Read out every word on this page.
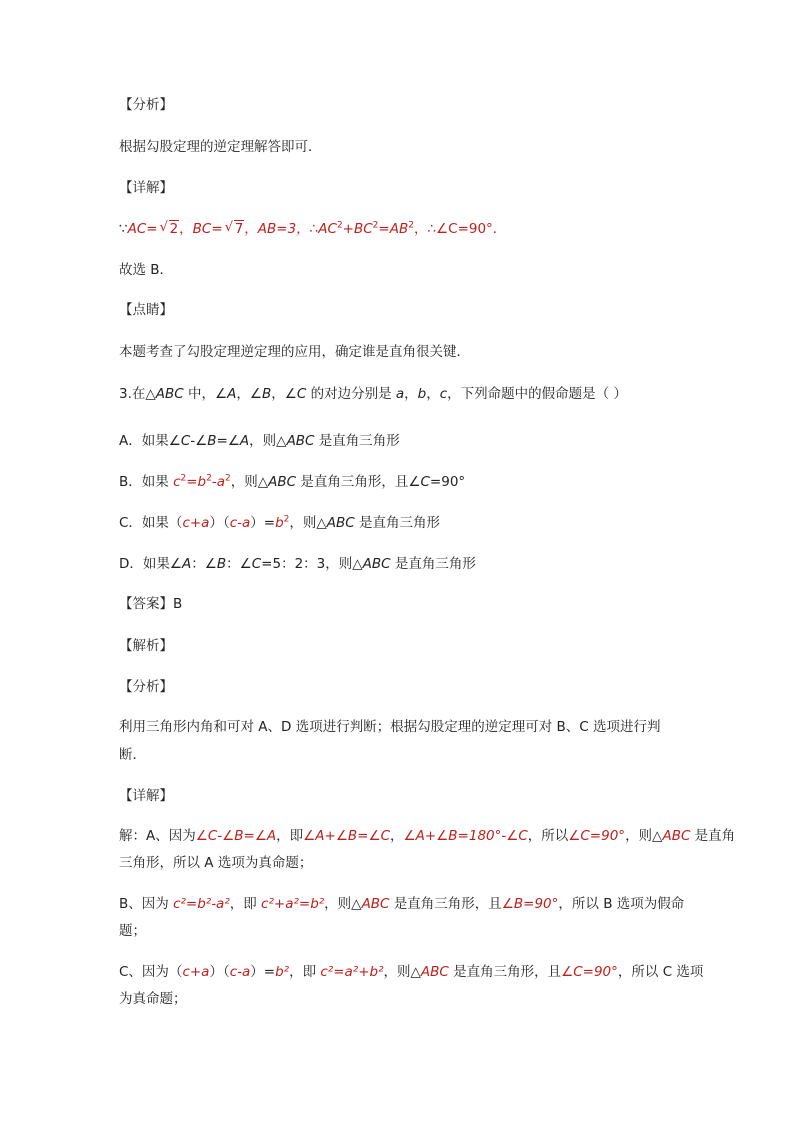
【分析】
根据勾股定理的逆定理解答即可．
【详解】
∵AC= √ 2，BC= √ 7，AB=3，$\therefore AC^2+BC^2=AB^2$，∴∠C=90°．
故选 B．
【点睛】
本题考查了勾股定理逆定理的应用，确定谁是直角很关键．
3.在△ABC 中，∠A，∠B，∠C 的对边分别是 a，b，c，下列命题中的假命题是（ ）
A．如果∠C-∠B=∠A，则△ABC 是直角三角形
B．如果 $c^2=b^2-a^2$，则△ABC 是直角三角形，且∠C=90°
C．如果$(c+a)(c-a)=b^2$，则△ABC 是直角三角形
D．如果∠A：∠B：∠C=5：2：3，则△ABC 是直角三角形
【答案】B
【解析】
【分析】
利用三角形内角和可对 A、D 选项进行判断；根据勾股定理的逆定理可对 B、C 选项进行判
断．
【详解】
解：A、因为∠C-∠B=∠A，即∠A+∠B=∠C，∠A+∠B=180°-∠C，所以∠C=90°，则△ABC 是直角
三角形，所以 A 选项为真命题；
B、因为 c²=b²-a²，即 c²+a²=b²，则△ABC 是直角三角形，且∠B=90°，所以 B 选项为假命
题；
C、因为（c+a）（c-a）=b²，即 c²=a²+b²，则△ABC 是直角三角形，且∠C=90°，所以 C 选项
为真命题；
